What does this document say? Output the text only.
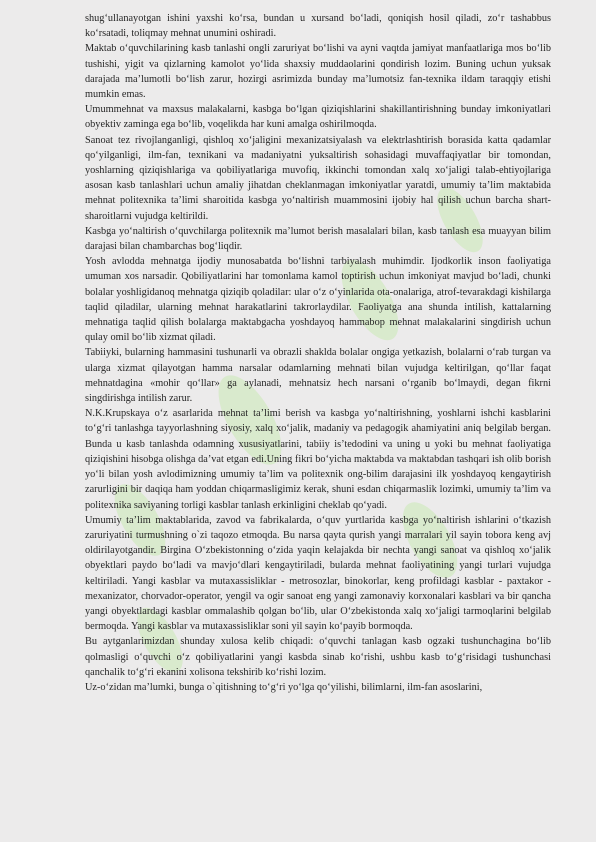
shug‘ullanayotgan ishini yaxshi ko‘rsa, bundan u xursand bo‘ladi, qoniqish hosil qiladi, zo‘r tashabbus ko‘rsatadi, toliqmay mehnat unumini oshiradi.

Maktab o‘quvchilarining kasb tanlashi ongli zaruriyat bo‘lishi va ayni vaqtda jamiyat manfaatlariga mos bo‘lib tushishi, yigit va qizlarning kamolot yo‘lida shaxsiy muddaolarini qondirish lozim. Buning uchun yuksak darajada ma’lumotli bo‘lish zarur, hozirgi asrimizda bunday ma’lumotsiz fan-texnika ildam taraqqiy etishi mumkin emas.

Umummehnat va maxsus malakalarni, kasbga bo‘lgan qiziqishlarini shakillantirishning bunday imkoniyatlari obyektiv zaminga ega bo‘lib, voqelikda har kuni amalga oshirilmoqda.

Sanoat tez rivojlanganligi, qishloq xo‘jaligini mexanizatsiyalash va elektrlashtirish borasida katta qadamlar qo‘yilganligi, ilm-fan, texnikani va madaniyatni yuksaltirish sohasidagi muvaffaqiyatlar bir tomondan, yoshlarning qiziqishlariga va qobiliyatlariga muvofiq, ikkinchi tomondan xalq xo‘jaligi talab-ehtiyojlariga asosan kasb tanlashlari uchun amaliy jihatdan cheklanmagan imkoniyatlar yaratdi, umumiy ta’lim maktabida mehnat politexnika ta’limi sharoitida kasbga yo‘naltirish muammosini ijobiy hal qilish uchun barcha shart-sharoitlarni vujudga keltirildi.

Kasbga yo‘naltirish o‘quvchilarga politexnik ma’lumot berish masalalari bilan, kasb tanlash esa muayyan bilim darajasi bilan chambarchas bog‘liqdir.

Yosh avlodda mehnatga ijodiy munosabatda bo‘lishni tarbiyalash muhimdir. Ijodkorlik inson faoliyatiga umuman xos narsadir. Qobiliyatlarini har tomonlama kamol toptirish uchun imkoniyat mavjud bo‘ladi, chunki bolalar yoshligidanoq mehnatga qiziqib qoladilar: ular o‘z o‘yinlarida ota-onalariga, atrof-tevarakdagi kishilarga taqlid qiladilar, ularning mehnat harakatlarini takrorlaydilar. Faoliyatga ana shunda intilish, kattalarning mehnatiga taqlid qilish bolalarga maktabgacha yoshdayoq hammabop mehnat malakalarini singdirish uchun qulay omil bo‘lib xizmat qiladi.

Tabiiyki, bularning hammasini tushunarli va obrazli shaklda bolalar ongiga yetkazish, bolalarni o‘rab turgan va ularga xizmat qilayotgan hamma narsalar odamlarning mehnati bilan vujudga keltirilgan, qo‘llar faqat mehnatdagina «mohir qo‘llar» ga aylanadi, mehnatsiz hech narsani o‘rganib bo‘lmaydi, degan fikrni singdirishga intilish zarur.

N.K.Krupskaya o‘z asarlarida mehnat ta’limi berish va kasbga yo‘naltirishning, yoshlarni ishchi kasblarini to‘g‘ri tanlashga tayyorlashning siyosiy, xalq xo‘jalik, madaniy va pedagogik ahamiyatini aniq belgilab bergan. Bunda u kasb tanlashda odamning xususiyatlarini, tabiiy is’tedodini va uning u yoki bu mehnat faoliyatiga qiziqishini hisobga olishga da’vat etgan edi.Uning fikri bo‘yicha maktabda va maktabdan tashqari ish olib borish yo‘li bilan yosh avlodimizning umumiy ta’lim va politexnik ong-bilim darajasini ilk yoshdayoq kengaytirish zarurligini bir daqiqa ham yoddan chiqarmasligimiz kerak, shuni esdan chiqarmaslik lozimki, umumiy ta’lim va politexnika saviyaning torligi kasblar tanlash erkinligini cheklab qo‘yadi.

Umumiy ta’lim maktablarida, zavod va fabrikalarda, o‘quv yurtlarida kasbga yo‘naltirish ishlarini o‘tkazish zaruriyatini turmushning o`zi taqozo etmoqda. Bu narsa qayta qurish yangi marralari yil sayin tobora keng avj oldirilayotgandir. Birgina O‘zbekistonning o‘zida yaqin kelajakda bir nechta yangi sanoat va qishloq xo‘jalik obyektlari paydo bo‘ladi va mavjo‘dlari kengaytiriladi, bularda mehnat faoliyatining yangi turlari vujudga keltiriladi. Yangi kasblar va mutaxassisliklar - metrosozlar, binokorlar, keng profildagi kasblar - paxtakor - mexanizator, chorvador-operator, yengil va ogir sanoat eng yangi zamonaviy korxonalari kasblari va bir qancha yangi obyektlardagi kasblar ommalashib qolgan bo‘lib, ular O‘zbekistonda xalq xo‘jaligi tarmoqlarini belgilab bermoqda. Yangi kasblar va mutaxassisliklar soni yil sayin ko‘payib bormoqda.

Bu aytganlarimizdan shunday xulosa kelib chiqadi: o‘quvchi tanlagan kasb ogzaki tushunchagina bo‘lib qolmasligi o‘quvchi o‘z qobiliyatlarini yangi kasbda sinab ko‘rishi, ushbu kasb to‘g‘risidagi tushunchasi qanchalik to‘g‘ri ekanini xolisona tekshirib ko‘rishi lozim.

Uz-o‘zidan ma’lumki, bunga o`qitishning to‘g‘ri yo‘lga qo‘yilishi, bilimlarni, ilm-fan asoslarini,
